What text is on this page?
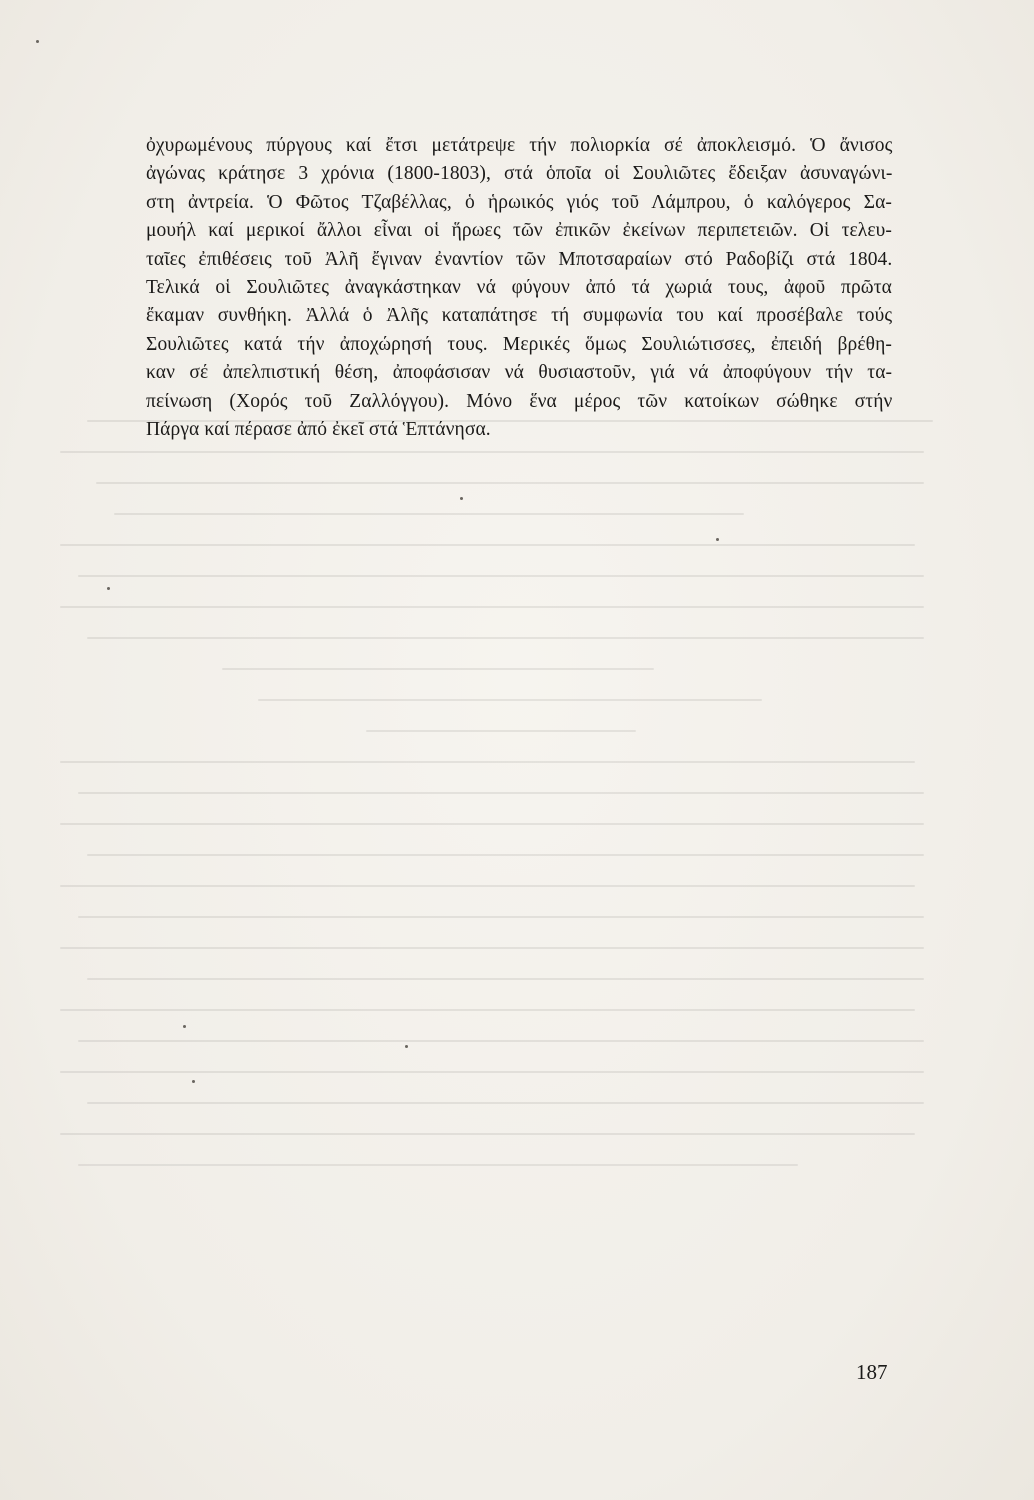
ὀχυρωμένους πύργους καί ἔτσι μετάτρεψε τήν πολιορκία σέ ἀποκλεισμό. Ὁ ἄνισος
ἀγώνας κράτησε 3 χρόνια (1800-1803), στά ὁποῖα οἱ Σουλιῶτες ἔδειξαν ἀσυναγώνι-
στη ἀντρεία. Ὁ Φῶτος Τζαβέλλας, ὁ ἡρωικός γιός τοῦ Λάμπρου, ὁ καλόγερος Σα-
μουήλ καί μερικοί ἄλλοι εἶναι οἱ ἥρωες τῶν ἐπικῶν ἐκείνων περιπετειῶν. Οἱ τελευ-
ταῖες ἐπιθέσεις τοῦ Ἀλῆ ἔγιναν ἐναντίον τῶν Μποτσαραίων στό Ραδοβίζι στά 1804.
Τελικά οἱ Σουλιῶτες ἀναγκάστηκαν νά φύγουν ἀπό τά χωριά τους, ἀφοῦ πρῶτα
ἔκαμαν συνθήκη. Ἀλλά ὁ Ἀλῆς καταπάτησε τή συμφωνία του καί προσέβαλε τούς
Σουλιῶτες κατά τήν ἀποχώρησή τους. Μερικές ὅμως Σουλιώτισσες, ἐπειδή βρέθη-
καν σέ ἀπελπιστική θέση, ἀποφάσισαν νά θυσιαστοῦν, γιά νά ἀποφύγουν τήν τα-
πείνωση (Χορός τοῦ Ζαλλόγγου). Μόνο ἕνα μέρος τῶν κατοίκων σώθηκε στήν
Πάργα καί πέρασε ἀπό ἐκεῖ στά Ἑπτάνησα.
187
